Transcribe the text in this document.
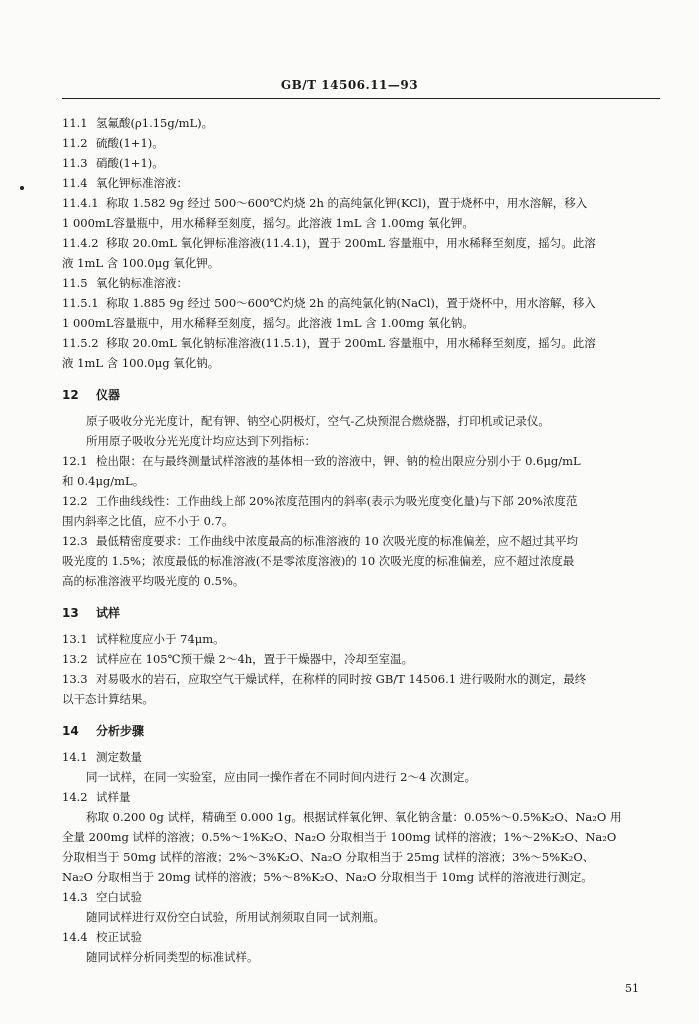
GB/T 14506.11—93
11.1 氢氟酸(ρ1.15g/mL)。
11.2 硫酸(1+1)。
11.3 硝酸(1+1)。
11.4 氧化钾标准溶液：
11.4.1 称取 1.582 9g 经过 500～600℃灼烧 2h 的高纯氯化钾(KCl)，置于烧杯中，用水溶解，移入
1 000mL容量瓶中，用水稀释至刻度，摇匀。此溶液 1mL 含 1.00mg 氧化钾。
11.4.2 移取 20.0mL 氧化钾标准溶液(11.4.1)，置于 200mL 容量瓶中，用水稀释至刻度，摇匀。此溶
液 1mL 含 100.0μg 氧化钾。
11.5 氧化钠标准溶液：
11.5.1 称取 1.885 9g 经过 500～600℃灼烧 2h 的高纯氯化钠(NaCl)，置于烧杯中，用水溶解，移入
1 000mL容量瓶中，用水稀释至刻度，摇匀。此溶液 1mL 含 1.00mg 氧化钠。
11.5.2 移取 20.0mL 氧化钠标准溶液(11.5.1)，置于 200mL 容量瓶中，用水稀释至刻度，摇匀。此溶
液 1mL 含 100.0μg 氧化钠。
12 仪器
原子吸收分光光度计，配有钾、钠空心阴极灯，空气-乙炔预混合燃烧器，打印机或记录仪。
所用原子吸收分光光度计均应达到下列指标：
12.1 检出限：在与最终测量试样溶液的基体相一致的溶液中，钾、钠的检出限应分别小于 0.6μg/mL
和 0.4μg/mL。
12.2 工作曲线线性：工作曲线上部 20%浓度范围内的斜率(表示为吸光度变化量)与下部 20%浓度范
围内斜率之比值，应不小于 0.7。
12.3 最低精密度要求：工作曲线中浓度最高的标准溶液的 10 次吸光度的标准偏差，应不超过其平均
吸光度的 1.5%；浓度最低的标准溶液(不是零浓度溶液)的 10 次吸光度的标准偏差，应不超过浓度最
高的标准溶液平均吸光度的 0.5%。
13 试样
13.1 试样粒度应小于 74μm。
13.2 试样应在 105℃预干燥 2～4h，置于干燥器中，冷却至室温。
13.3 对易吸水的岩石，应取空气干燥试样，在称样的同时按 GB/T 14506.1 进行吸附水的测定，最终
以干态计算结果。
14 分析步骤
14.1 测定数量
同一试样，在同一实验室，应由同一操作者在不同时间内进行 2～4 次测定。
14.2 试样量
称取 0.200 0g 试样，精确至 0.000 1g。根据试样氧化钾、氧化钠含量：0.05%～0.5%K₂O、Na₂O 用
全量 200mg 试样的溶液；0.5%～1%K₂O、Na₂O 分取相当于 100mg 试样的溶液；1%～2%K₂O、Na₂O
分取相当于 50mg 试样的溶液；2%～3%K₂O、Na₂O 分取相当于 25mg 试样的溶液；3%～5%K₂O、
Na₂O 分取相当于 20mg 试样的溶液；5%～8%K₂O、Na₂O 分取相当于 10mg 试样的溶液进行测定。
14.3 空白试验
随同试样进行双份空白试验，所用试剂须取自同一试剂瓶。
14.4 校正试验
随同试样分析同类型的标准试样。
51
